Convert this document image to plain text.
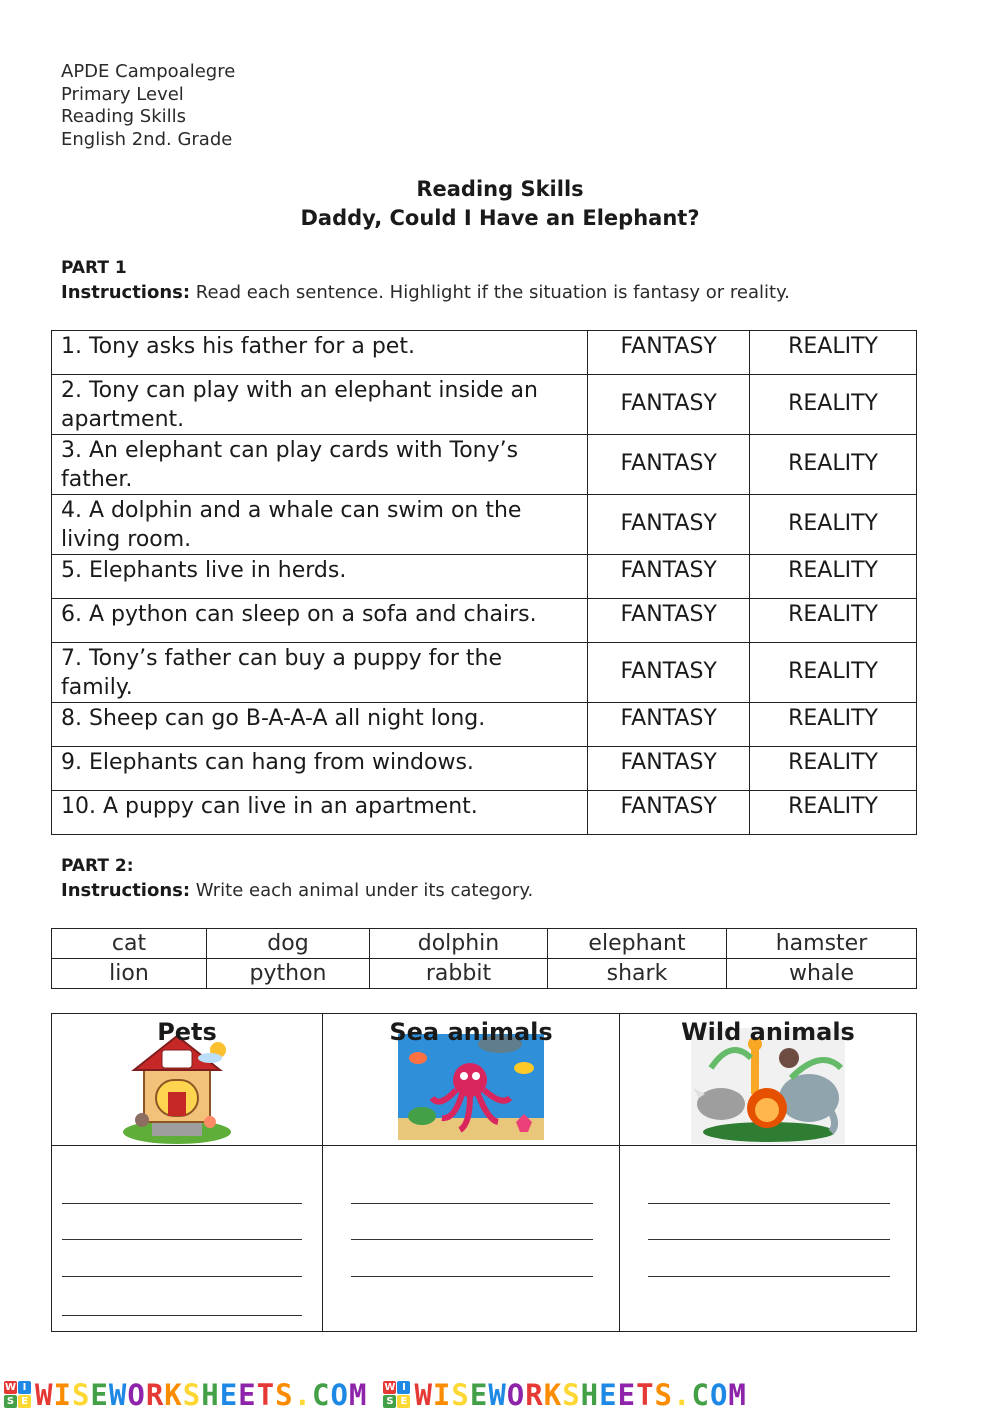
APDE Campoalegre
Primary Level
Reading Skills
English 2nd. Grade
Reading Skills
Daddy, Could I Have an Elephant?
PART 1
Instructions: Read each sentence. Highlight if the situation is fantasy or reality.
1. Tony asks his father for a pet.	FANTASY	REALITY
2. Tony can play with an elephant inside an apartment.	FANTASY	REALITY
3. An elephant can play cards with Tony’s father.	FANTASY	REALITY
4. A dolphin and a whale can swim on the living room.	FANTASY	REALITY
5. Elephants live in herds.	FANTASY	REALITY
6. A python can sleep on a sofa and chairs.	FANTASY	REALITY
7. Tony’s father can buy a puppy for the family.	FANTASY	REALITY
8. Sheep can go B-A-A-A all night long.	FANTASY	REALITY
9. Elephants can hang from windows.	FANTASY	REALITY
10. A puppy can live in an apartment.	FANTASY	REALITY
PART 2:
Instructions: Write each animal under its category.
cat	dog	dolphin	elephant	hamster
lion	python	rabbit	shark	whale
Pets	Sea animals	Wild animals

W I
S E WISEWORKSHEETS.COM W I
S E WISEWORKSHEETS.COM
